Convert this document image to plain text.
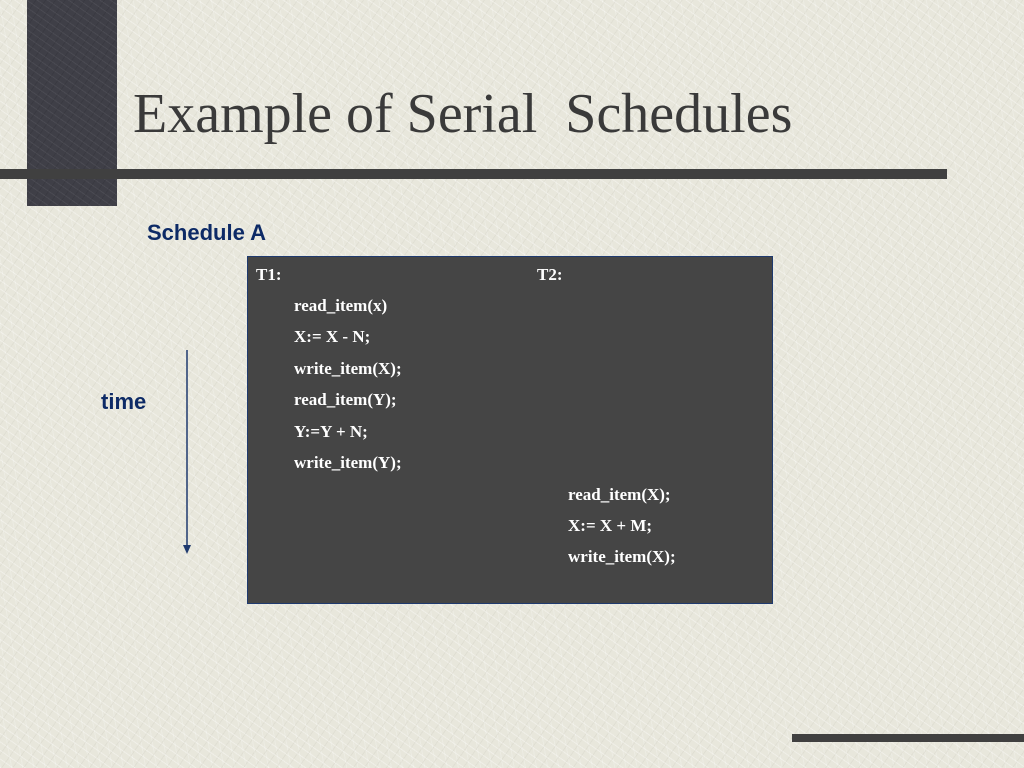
Example of Serial  Schedules
Schedule A
time
T1:	T2:
read_item(x)
X:= X - N;
write_item(X);
read_item(Y);
Y:=Y + N;
write_item(Y);
read_item(X);
X:= X + M;
write_item(X);
